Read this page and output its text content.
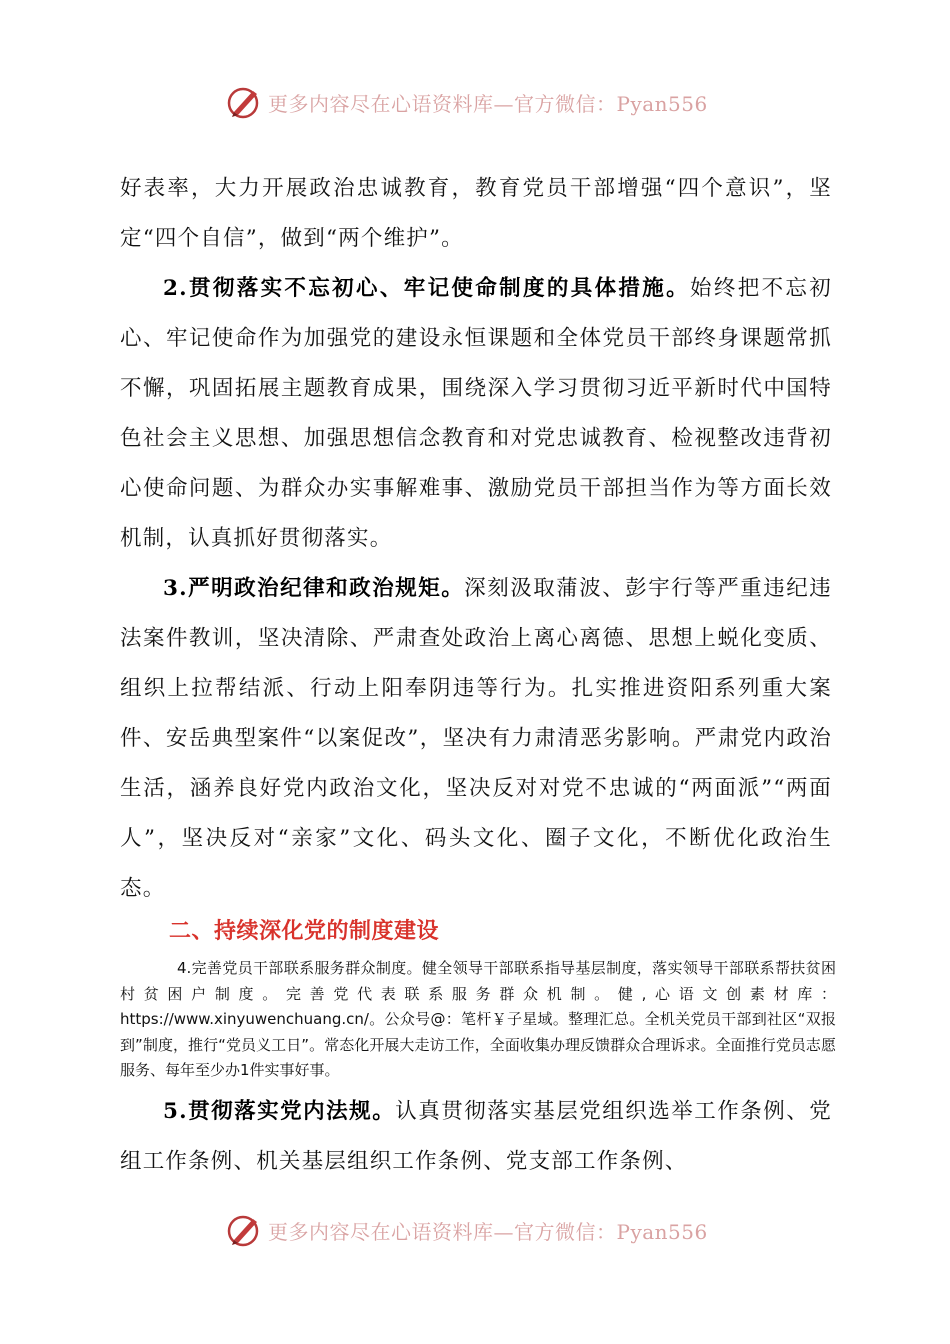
更多内容尽在心语资料库—官方微信：Pyan556

好表率，大力开展政治忠诚教育，教育党员干部增强“四个意识”，坚定“四个自信”，做到“两个维护”。

2.贯彻落实不忘初心、牢记使命制度的具体措施。始终把不忘初心、牢记使命作为加强党的建设永恒课题和全体党员干部终身课题常抓不懈，巩固拓展主题教育成果，围绕深入学习贯彻习近平新时代中国特色社会主义思想、加强思想信念教育和对党忠诚教育、检视整改违背初心使命问题、为群众办实事解难事、激励党员干部担当作为等方面长效机制，认真抓好贯彻落实。

3.严明政治纪律和政治规矩。深刻汲取蒲波、彭宇行等严重违纪违法案件教训，坚决清除、严肃查处政治上离心离德、思想上蜕化变质、组织上拉帮结派、行动上阳奉阴违等行为。扎实推进资阳系列重大案件、安岳典型案件“以案促改”，坚决有力肃清恶劣影响。严肃党内政治生活，涵养良好党内政治文化，坚决反对对党不忠诚的“两面派”“两面人”，坚决反对“亲家”文化、码头文化、圈子文化，不断优化政治生态。

二、持续深化党的制度建设

4.完善党员干部联系服务群众制度。健全领导干部联系指导基层制度，落实领导干部联系帮扶贫困村贫困户制度。完善党代表联系服务群众机制。健,心语文创素材库：https://www.xinyuwenchuang.cn/。公众号@：笔杆￥子星域。整理汇总。全机关党员干部到社区“双报到”制度，推行“党员义工日”。常态化开展大走访工作，全面收集办理反馈群众合理诉求。全面推行党员志愿服务、每年至少办1件实事好事。

5.贯彻落实党内法规。认真贯彻落实基层党组织选举工作条例、党组工作条例、机关基层组织工作条例、党支部工作条例、

更多内容尽在心语资料库—官方微信：Pyan556
